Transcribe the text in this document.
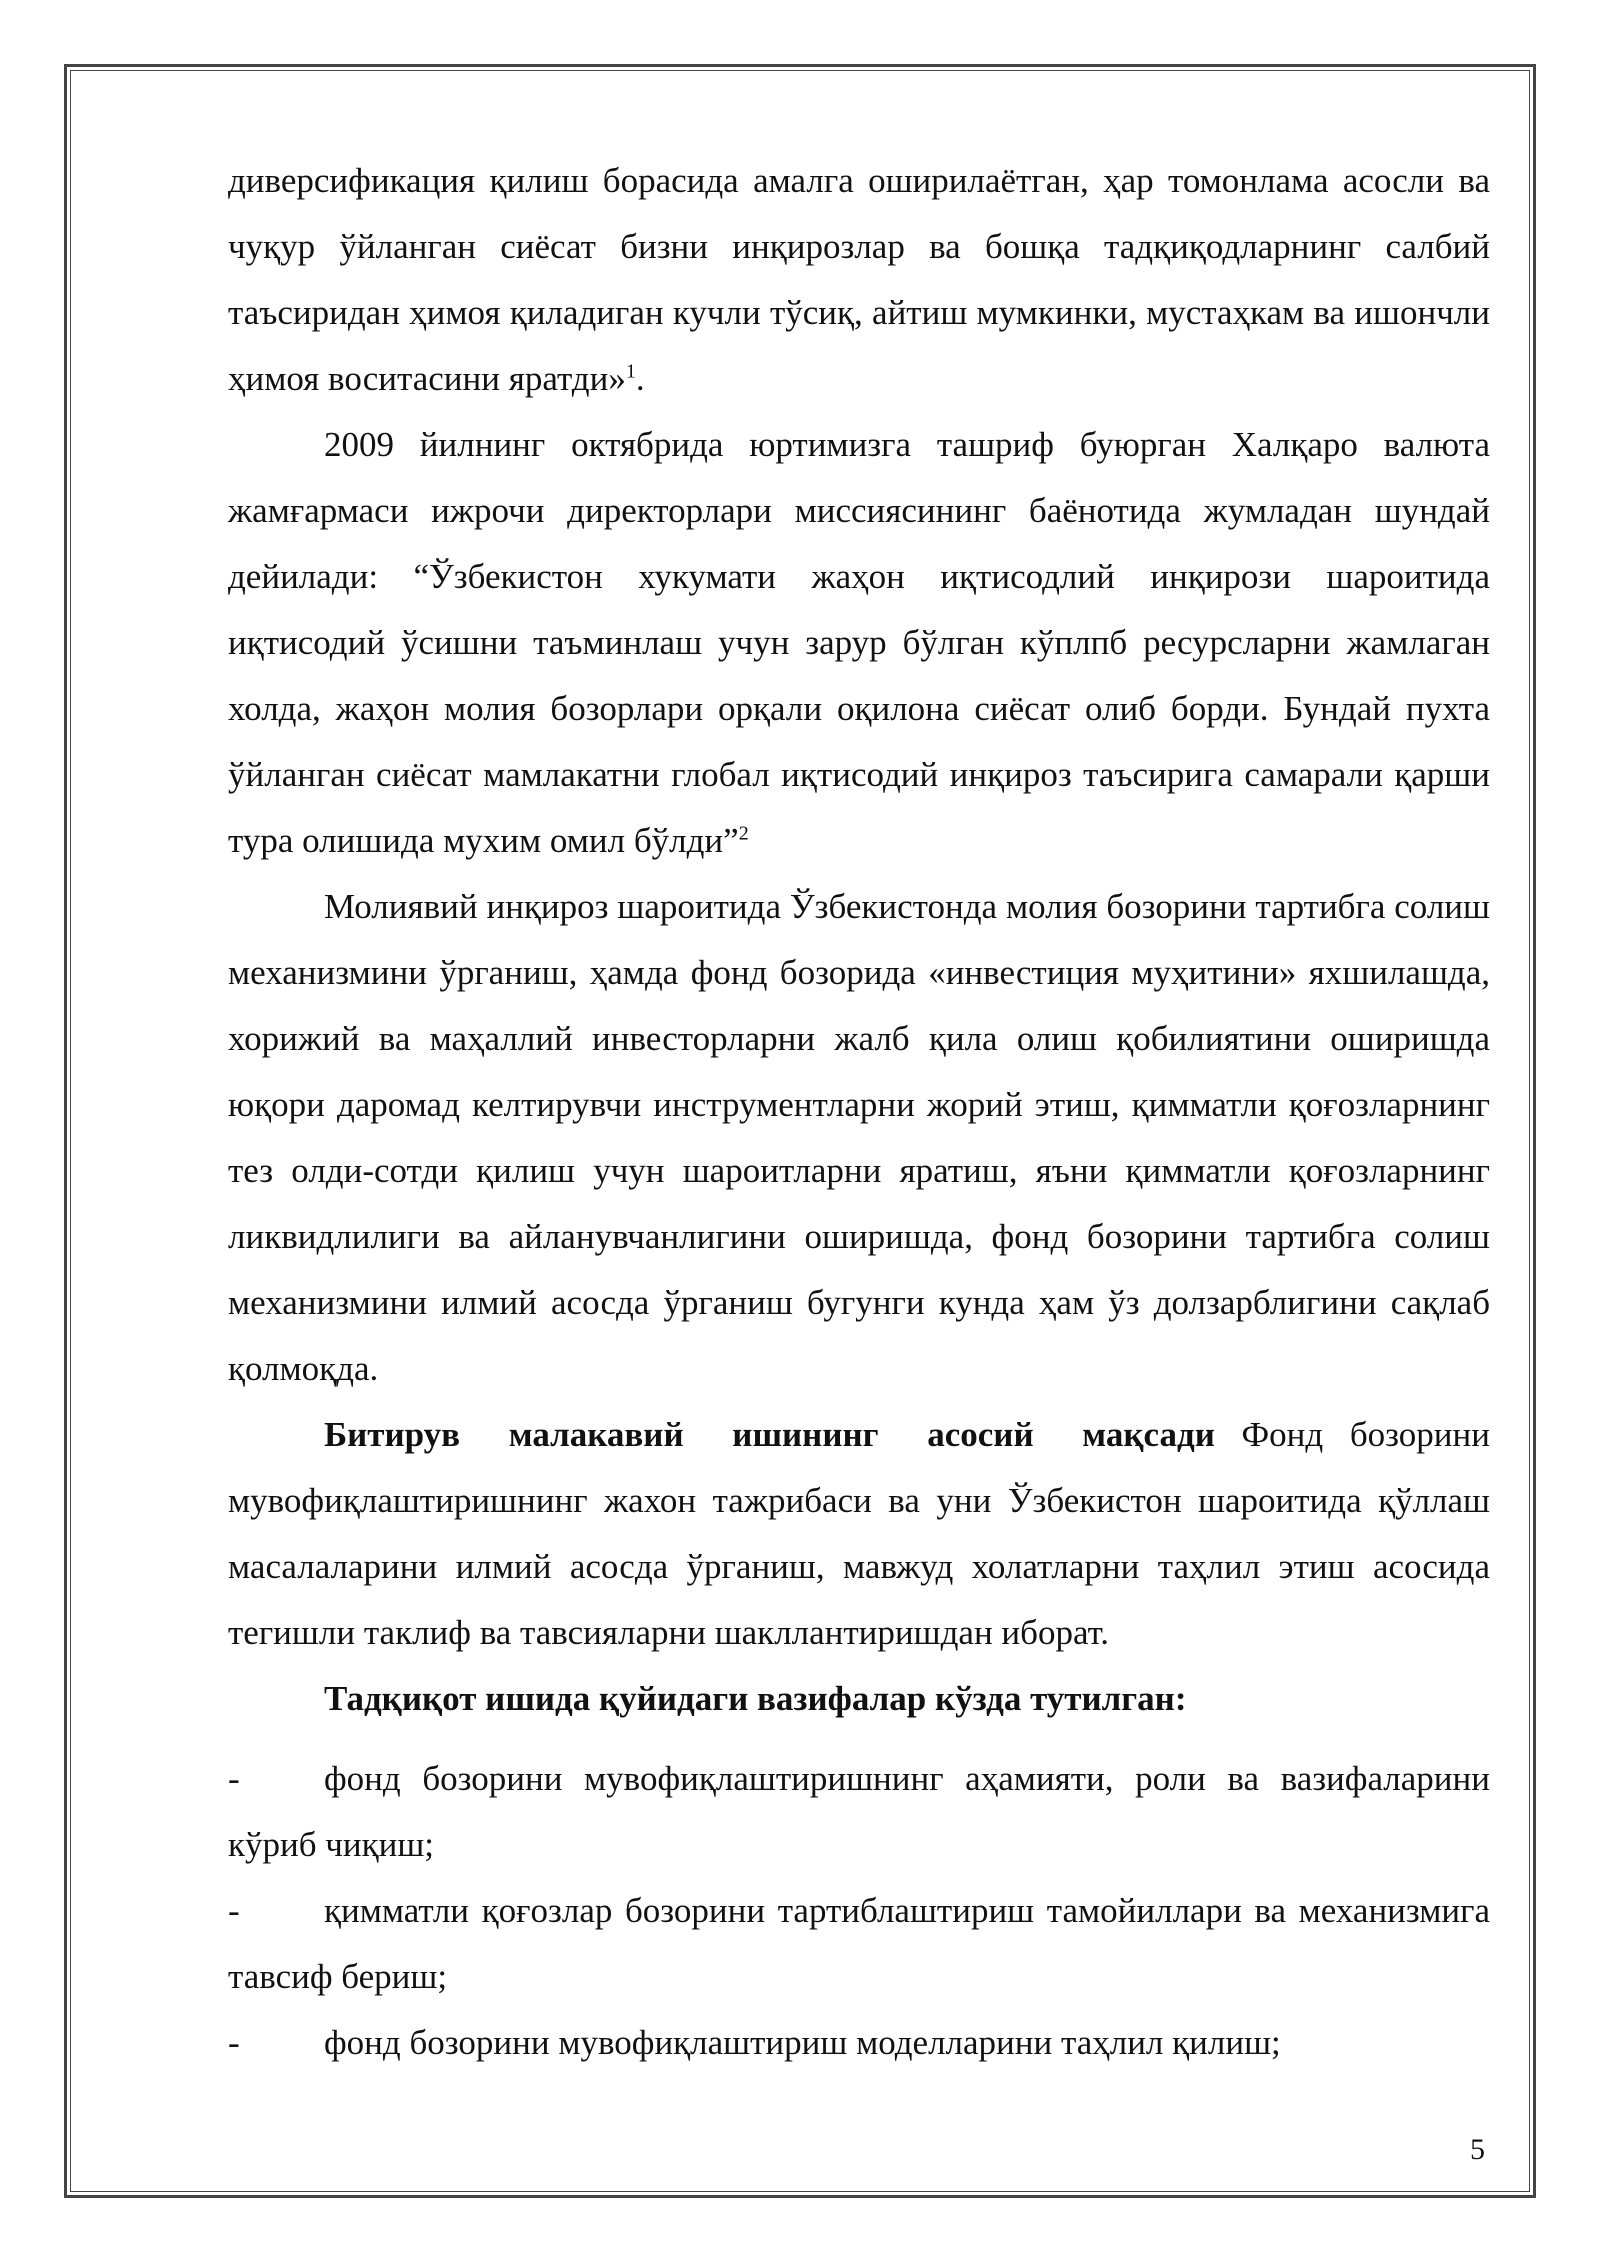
диверсификация қилиш борасида амалга оширилаётган, ҳар томонлама асосли ва чуқур ўйланган сиёсат бизни инқирозлар ва бошқа тадқиқодларнинг салбий таъсиридан ҳимоя қиладиган кучли тўсиқ, айтиш мумкинки, мустаҳкам ва ишончли ҳимоя воситасини яратди»$^1$.

2009 йилнинг октябрида юртимизга ташриф буюрган Халқаро валюта жамғармаси ижрочи директорлари миссиясининг баёнотида жумладан шундай дейилади: “Ўзбекистон хукумати жаҳон иқтисодлий инқирози шароитида иқтисодий ўсишни таъминлаш учун зарур бўлган кўплпб ресурсларни жамлаган холда, жаҳон молия бозорлари орқали оқилона сиёсат олиб борди. Бундай пухта ўйланган сиёсат мамлакатни глобал иқтисодий инқироз таъсирига самарали қарши тура олишида мухим омил бўлди”$^2$

Молиявий инқироз шароитида Ўзбекистонда молия бозорини тартибга солиш механизмини ўрганиш, ҳамда фонд бозорида «инвестиция муҳитини» яхшилашда, хорижий ва маҳаллий инвесторларни жалб қила олиш қобилиятини оширишда юқори даромад келтирувчи инструментларни жорий этиш, қимматли қоғозларнинг тез олди-сотди қилиш учун шароитларни яратиш, яъни қимматли қоғозларнинг ликвидлилиги ва айланувчанлигини оширишда, фонд бозорини тартибга солиш механизмини илмий асосда ўрганиш бугунги кунда ҳам ўз долзарблигини сақлаб қолмоқда.

Битирув малакавий ишининг асосий мақсади Фонд бозорини мувофиқлаштиришнинг жахон тажрибаси ва уни Ўзбекистон шароитида қўллаш масалаларини илмий асосда ўрганиш, мавжуд холатларни таҳлил этиш асосида тегишли таклиф ва тавсияларни шакллантиришдан иборат.

Тадқиқот ишида қуйидаги вазифалар кўзда тутилган:

-	фонд бозорини мувофиқлаштиришнинг аҳамияти, роли ва вазифаларини кўриб чиқиш;
-	қимматли қоғозлар бозорини тартиблаштириш тамойиллари ва механизмига тавсиф бериш;
-	фонд бозорини мувофиқлаштириш моделларини таҳлил қилиш;
5
